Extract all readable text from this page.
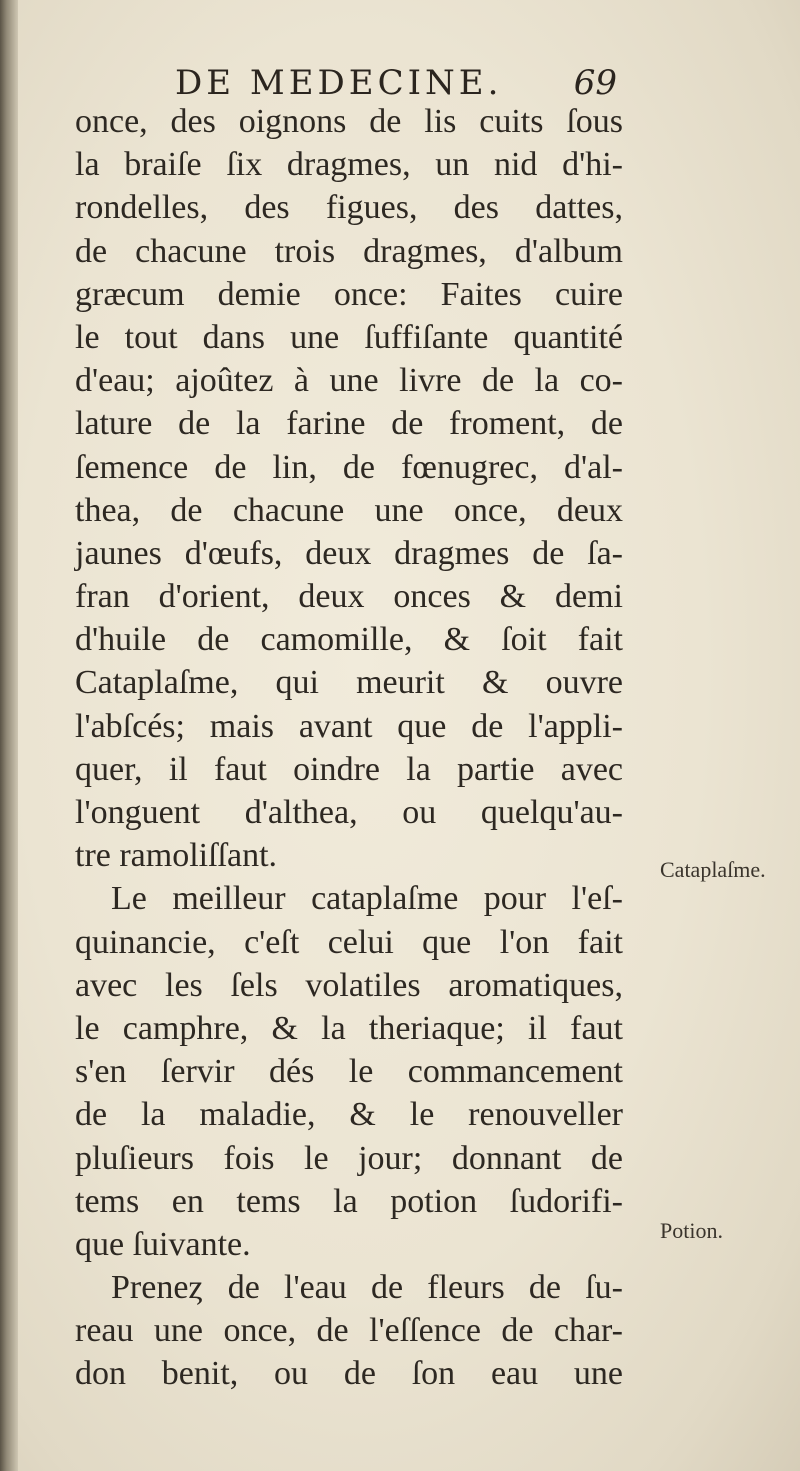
DE MEDECINE. 69
once, des oignons de lis cuits ſous
la braiſe ſix dragmes, un nid d'hi-
rondelles, des figues, des dattes,
de chacune trois dragmes, d'album
græcum demie once: Faites cuire
le tout dans une ſuffiſante quantité
d'eau; ajoûtez à une livre de la co-
lature de la farine de froment, de
ſemence de lin, de fœnugrec, d'al-
thea, de chacune une once, deux
jaunes d'œufs, deux dragmes de ſa-
fran d'orient, deux onces & demi
d'huile de camomille, & ſoit fait
Cataplaſme, qui meurit & ouvre
l'abſcés; mais avant que de l'appli-
quer, il faut oindre la partie avec
l'onguent d'althea, ou quelqu'au-
tre ramoliſſant.
Le meilleur cataplaſme pour l'eſ-
quinancie, c'eſt celui que l'on fait
avec les ſels volatiles aromatiques,
le camphre, & la theriaque; il faut
s'en ſervir dés le commancement
de la maladie, & le renouveller
pluſieurs fois le jour; donnant de
tems en tems la potion ſudorifi-
que ſuivante.
Preneȥ de l'eau de fleurs de ſu-
reau une once, de l'eſſence de char-
don benit, ou de ſon eau une
Cataplaſme.
Potion.
